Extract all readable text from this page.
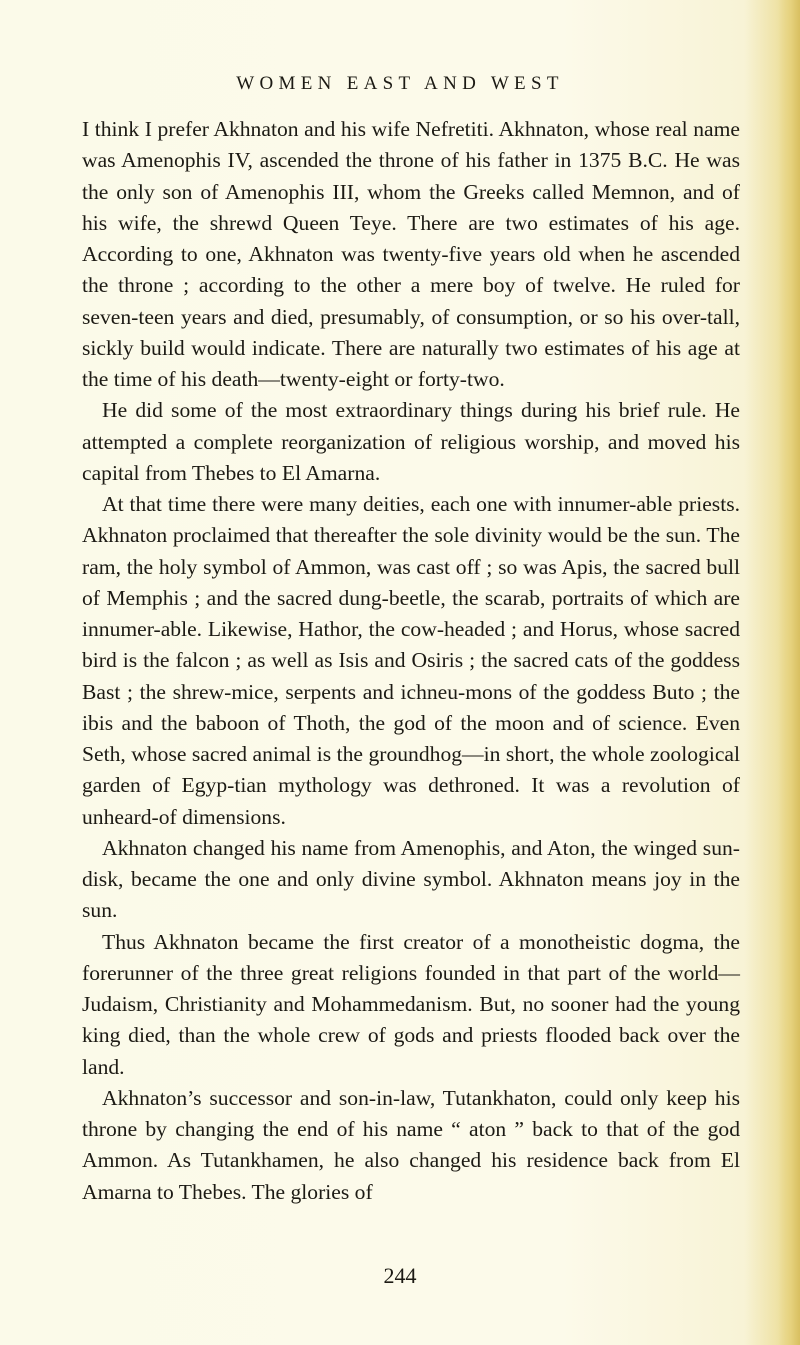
WOMEN EAST AND WEST

I think I prefer Akhnaton and his wife Nefretiti. Akhnaton, whose real name was Amenophis IV, ascended the throne of his father in 1375 B.C. He was the only son of Amenophis III, whom the Greeks called Memnon, and of his wife, the shrewd Queen Teye. There are two estimates of his age. According to one, Akhnaton was twenty-five years old when he ascended the throne ; according to the other a mere boy of twelve. He ruled for seven-teen years and died, presumably, of consumption, or so his over-tall, sickly build would indicate. There are naturally two estimates of his age at the time of his death—twenty-eight or forty-two.

He did some of the most extraordinary things during his brief rule. He attempted a complete reorganization of religious worship, and moved his capital from Thebes to El Amarna.

At that time there were many deities, each one with innumer-able priests. Akhnaton proclaimed that thereafter the sole divinity would be the sun. The ram, the holy symbol of Ammon, was cast off ; so was Apis, the sacred bull of Memphis ; and the sacred dung-beetle, the scarab, portraits of which are innumer-able. Likewise, Hathor, the cow-headed ; and Horus, whose sacred bird is the falcon ; as well as Isis and Osiris ; the sacred cats of the goddess Bast ; the shrew-mice, serpents and ichneu-mons of the goddess Buto ; the ibis and the baboon of Thoth, the god of the moon and of science. Even Seth, whose sacred animal is the groundhog—in short, the whole zoological garden of Egyp-tian mythology was dethroned. It was a revolution of unheard-of dimensions.

Akhnaton changed his name from Amenophis, and Aton, the winged sun-disk, became the one and only divine symbol. Akhnaton means joy in the sun.

Thus Akhnaton became the first creator of a monotheistic dogma, the forerunner of the three great religions founded in that part of the world—Judaism, Christianity and Mohammedanism. But, no sooner had the young king died, than the whole crew of gods and priests flooded back over the land.

Akhnaton’s successor and son-in-law, Tutankhaton, could only keep his throne by changing the end of his name “ aton ” back to that of the god Ammon. As Tutankhamen, he also changed his residence back from El Amarna to Thebes. The glories of

244
